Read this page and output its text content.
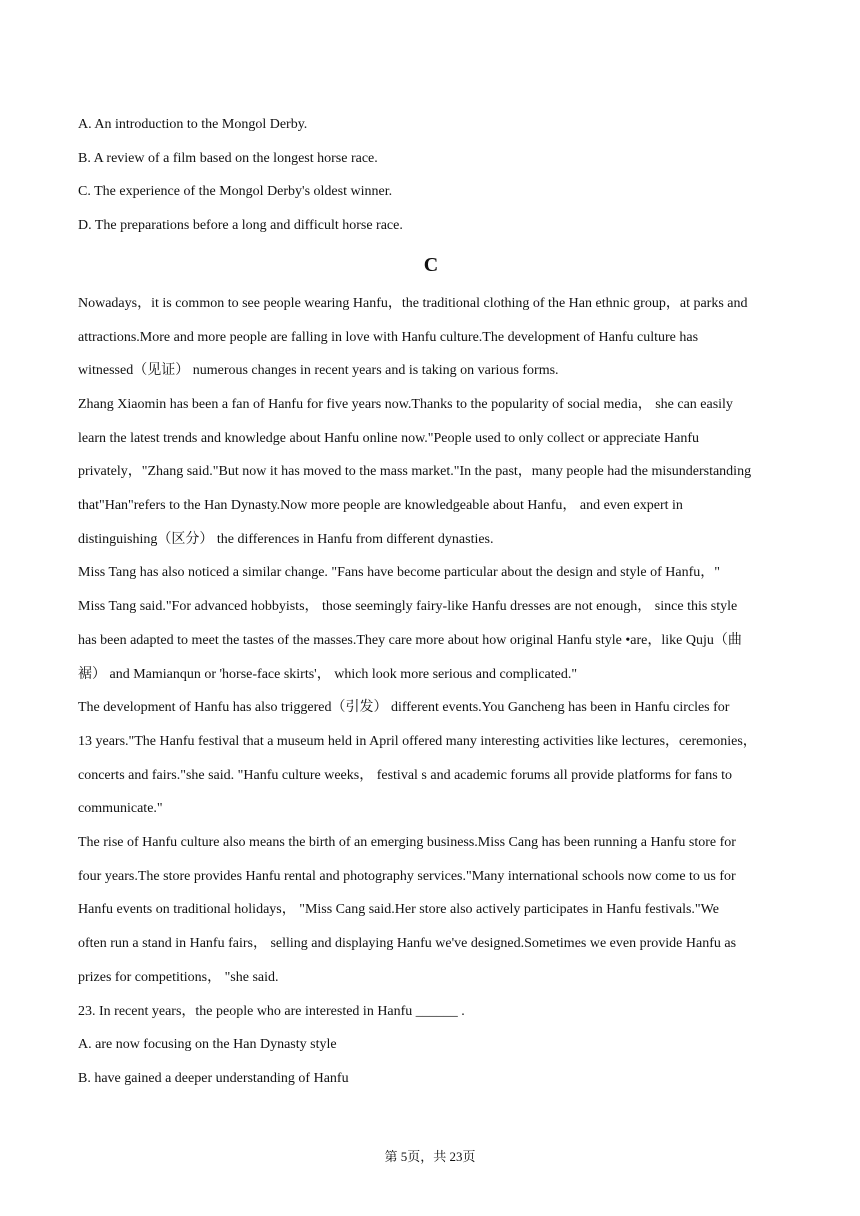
A. An introduction to the Mongol Derby.

B. A review of a film based on the longest horse race.

C. The experience of the Mongol Derby's oldest winner.

D. The preparations before a long and difficult horse race.

C

Nowadays，it is common to see people wearing Hanfu，the traditional clothing of the Han ethnic group，at parks and

attractions.More and more people are falling in love with Hanfu culture.The development of Hanfu culture has

witnessed（见证） numerous changes in recent years and is taking on various forms.

Zhang Xiaomin has been a fan of Hanfu for five years now.Thanks to the popularity of social media， she can easily

learn the latest trends and knowledge about Hanfu online now."People used to only collect or appreciate Hanfu

privately，"Zhang said."But now it has moved to the mass market."In the past，many people had the misunderstanding

that"Han"refers to the Han Dynasty.Now more people are knowledgeable about Hanfu， and even expert in

distinguishing（区分） the differences in Hanfu from different dynasties.

Miss Tang has also noticed a similar change. "Fans have become particular about the design and style of Hanfu，"

Miss Tang said."For advanced hobbyists， those seemingly fairy-like Hanfu dresses are not enough， since this style

has been adapted to meet the tastes of the masses.They care more about how original Hanfu style •are，like Quju（曲

裾） and Mamianqun or 'horse-face skirts'， which look more serious and complicated."

The development of Hanfu has also triggered（引发） different events.You Gancheng has been in Hanfu circles for

13 years."The Hanfu festival that a museum held in April offered many interesting activities like lectures，ceremonies，

concerts and fairs."she said. "Hanfu culture weeks， festival s and academic forums all provide platforms for fans to

communicate."

The rise of Hanfu culture also means the birth of an emerging business.Miss Cang has been running a Hanfu store for

four years.The store provides Hanfu rental and photography services."Many international schools now come to us for

Hanfu events on traditional holidays， "Miss Cang said.Her store also actively participates in Hanfu festivals."We

often run a stand in Hanfu fairs， selling and displaying Hanfu we've designed.Sometimes we even provide Hanfu as

prizes for competitions， "she said.

23. In recent years，the people who are interested in Hanfu ______ .

A. are now focusing on the Han Dynasty style

B. have gained a deeper understanding of Hanfu

第 5页，共 23页
